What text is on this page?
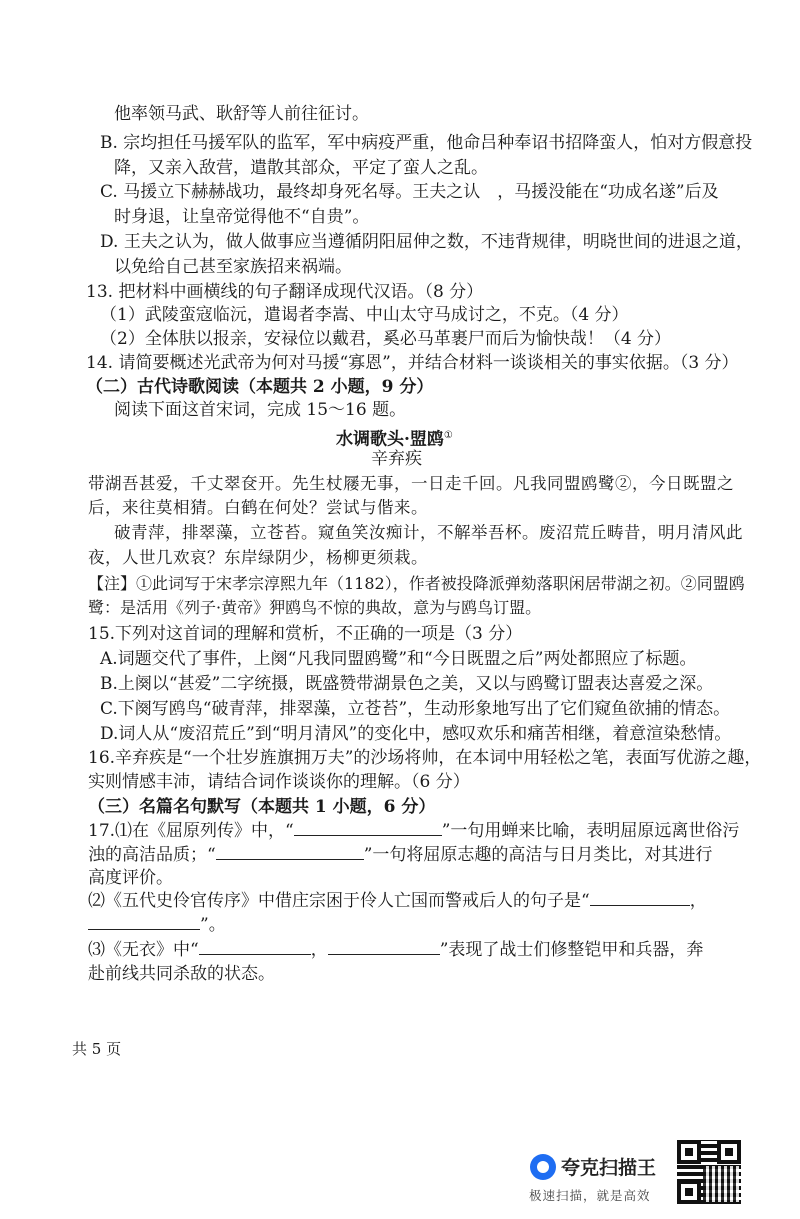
他率领马武、耿舒等人前往征讨。
B. 宗均担任马援军队的监军，军中病疫严重，他命吕种奉诏书招降蛮人，怕对方假意投
降，又亲入敌营，遣散其部众，平定了蛮人之乱。
C. 马援立下赫赫战功，最终却身死名辱。王夫之认　，马援没能在“功成名遂”后及
时身退，让皇帝觉得他不“自贵”。
D. 王夫之认为，做人做事应当遵循阴阳屈伸之数，不违背规律，明晓世间的进退之道，
以免给自己甚至家族招来祸端。
13. 把材料中画横线的句子翻译成现代汉语。（8 分）
（1）武陵蛮寇临沅，遣谒者李嵩、中山太守马成讨之，不克。（4 分）
（2）全体肤以报亲，安禄位以戴君，奚必马革裹尸而后为愉快哉！（4 分）
14. 请简要概述光武帝为何对马援“寡恩”，并结合材料一谈谈相关的事实依据。（3 分）
（二）古代诗歌阅读（本题共 2 小题，9 分）
阅读下面这首宋词，完成 15～16 题。
水调歌头·盟鸥①
辛弃疾
带湖吾甚爱，千丈翠奁开。先生杖屦无事，一日走千回。凡我同盟鸥鹭②，今日既盟之
后，来往莫相猜。白鹤在何处？尝试与偕来。
破青萍，排翠藻，立苍苔。窥鱼笑汝痴计，不解举吾杯。废沼荒丘畴昔，明月清风此
夜，人世几欢哀？东岸绿阴少，杨柳更须栽。
【注】①此词写于宋孝宗淳熙九年（1182），作者被投降派弹劾落职闲居带湖之初。②同盟鸥
鹭：是活用《列子·黄帝》狎鸥鸟不惊的典故，意为与鸥鸟订盟。
15.下列对这首词的理解和赏析，不正确的一项是（3 分）
A.词题交代了事件，上阕“凡我同盟鸥鹭”和“今日既盟之后”两处都照应了标题。
B.上阕以“甚爱”二字统摄，既盛赞带湖景色之美，又以与鸥鹭订盟表达喜爱之深。
C.下阕写鸥鸟“破青萍，排翠藻，立苍苔”，生动形象地写出了它们窥鱼欲捕的情态。
D.词人从“废沼荒丘”到“明月清风”的变化中，感叹欢乐和痛苦相继，着意渲染愁情。
16.辛弃疾是“一个壮岁旌旗拥万夫”的沙场将帅，在本词中用轻松之笔，表面写优游之趣，
实则情感丰沛，请结合词作谈谈你的理解。（6 分）
（三）名篇名句默写（本题共 1 小题，6 分）
17.⑴在《屈原列传》中，“	”一句用蝉来比喻，表明屈原远离世俗污
浊的高洁品质；“	”一句将屈原志趣的高洁与日月类比，对其进行
高度评价。
⑵《五代史伶官传序》中借庄宗困于伶人亡国而警戒后人的句子是“	，
”。
⑶《无衣》中“	，	”表现了战士们修整铠甲和兵器，奔
赴前线共同杀敌的状态。
共 5 页
夸克扫描王
极速扫描，就是高效
